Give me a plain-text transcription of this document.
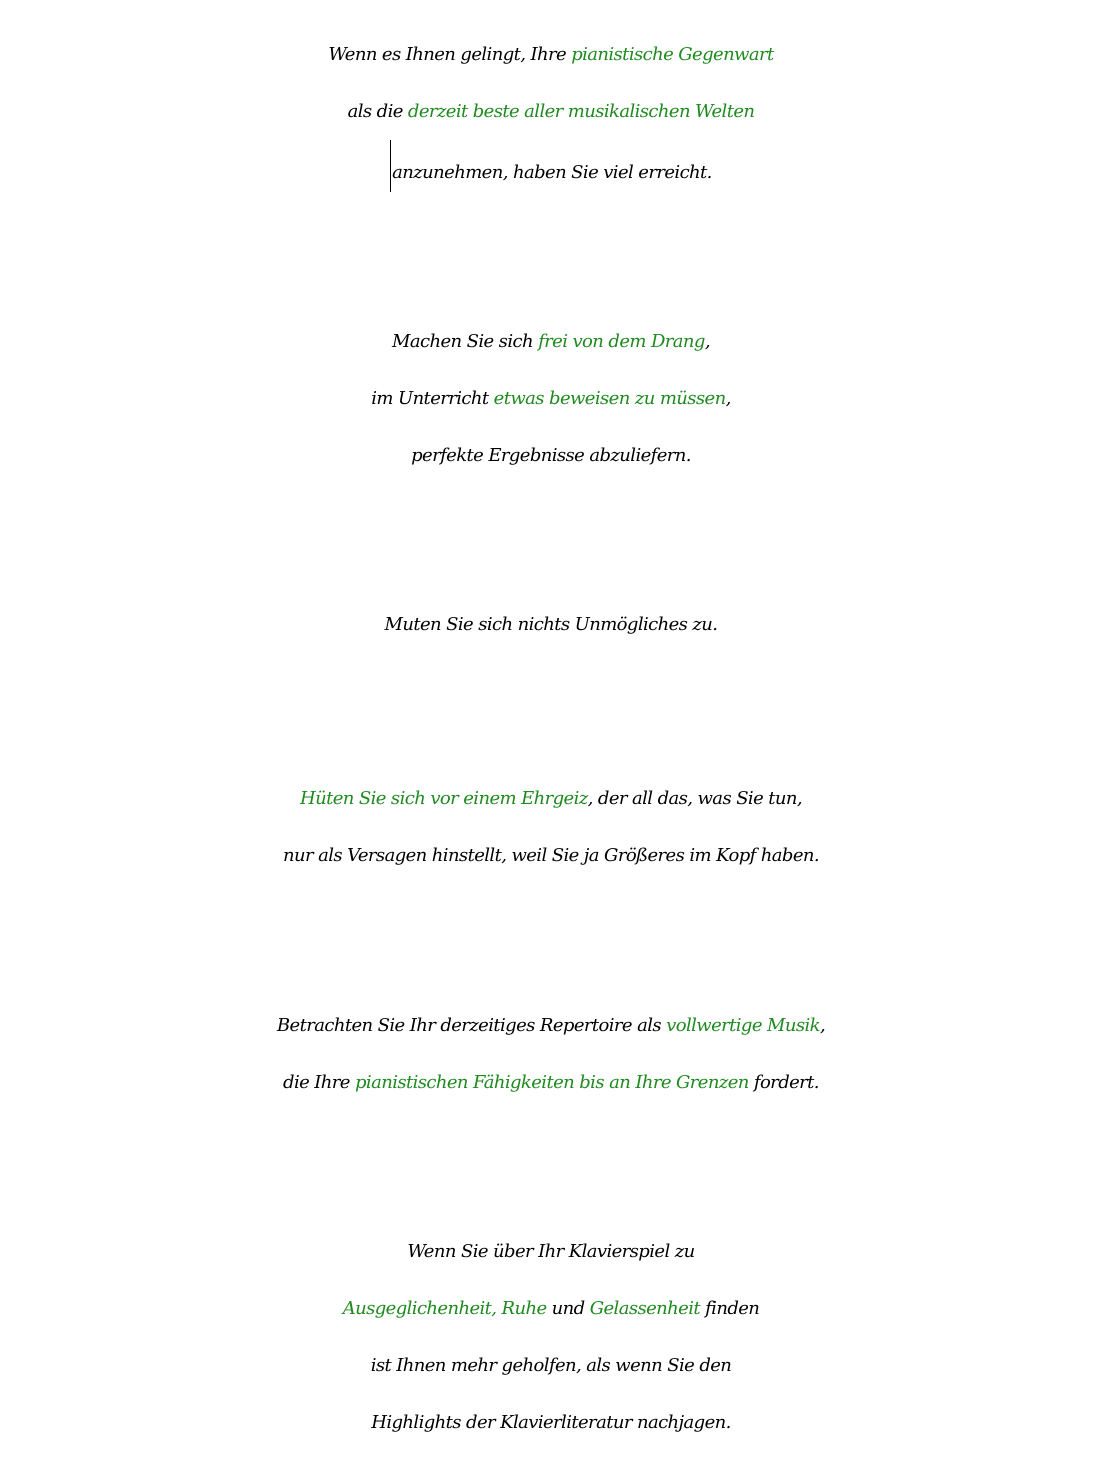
Wenn es Ihnen gelingt, Ihre pianistische Gegenwart
als die derzeit beste aller musikalischen Welten
anzunehmen, haben Sie viel erreicht.
Machen Sie sich frei von dem Drang,
im Unterricht etwas beweisen zu müssen,
perfekte Ergebnisse abzuliefern.
Muten Sie sich nichts Unmögliches zu.
Hüten Sie sich vor einem Ehrgeiz, der all das, was Sie tun,
nur als Versagen hinstellt, weil Sie ja Größeres im Kopf haben.
Betrachten Sie Ihr derzeitiges Repertoire als vollwertige Musik,
die Ihre pianistischen Fähigkeiten bis an Ihre Grenzen fordert.
Wenn Sie über Ihr Klavierspiel zu
Ausgeglichenheit, Ruhe und Gelassenheit finden
ist Ihnen mehr geholfen, als wenn Sie den
Highlights der Klavierliteratur nachjagen.
